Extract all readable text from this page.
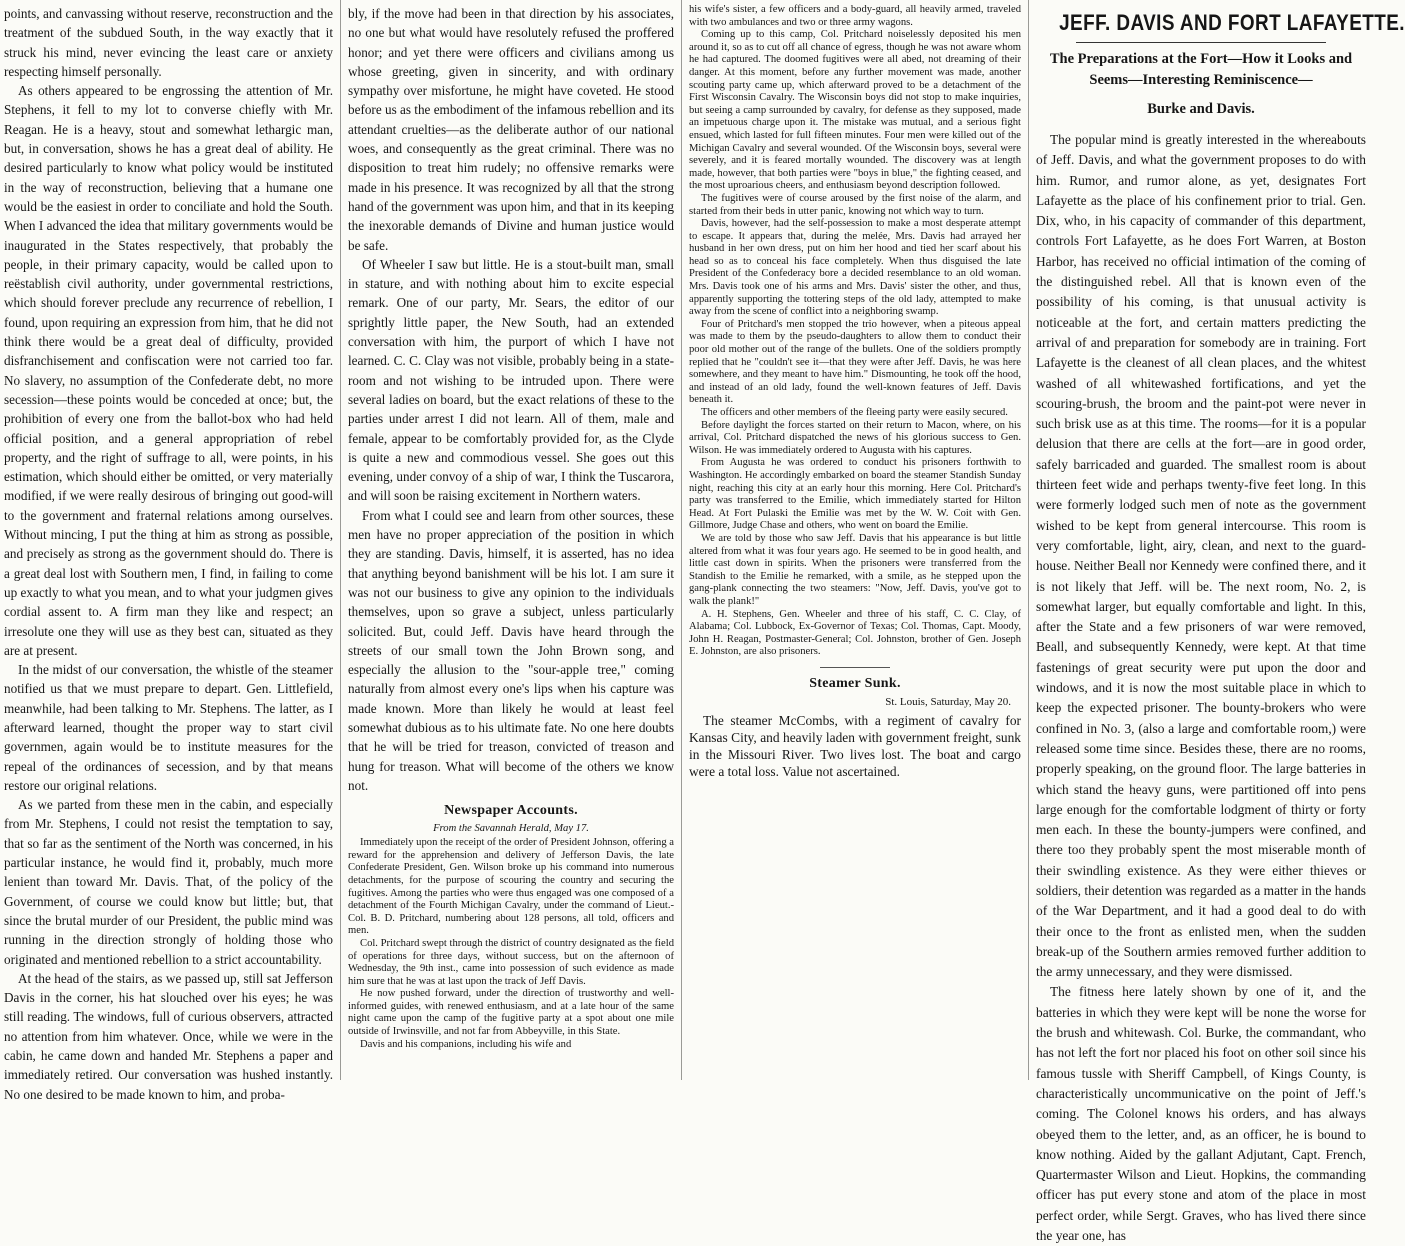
points, and canvassing without reserve, reconstruction and the treatment of the subdued South, in the way exactly that it struck his mind, never evincing the least care or anxiety respecting himself personally.

As others appeared to be engrossing the attention of Mr. Stephens, it fell to my lot to converse chiefly with Mr. Reagan. He is a heavy, stout and somewhat lethargic man, but, in conversation, shows he has a great deal of ability. He desired particularly to know what policy would be instituted in the way of reconstruction, believing that a humane one would be the easiest in order to conciliate and hold the South. When I advanced the idea that military governments would be inaugurated in the States respectively, that probably the people, in their primary capacity, would be called upon to reëstablish civil authority, under governmental restrictions, which should forever preclude any recurrence of rebellion, I found, upon requiring an expression from him, that he did not think there would be a great deal of difficulty, provided disfranchisement and confiscation were not carried too far. No slavery, no assumption of the Confederate debt, no more secession—these points would be conceded at once; but, the prohibition of every one from the ballot-box who had held official position, and a general appropriation of rebel property, and the right of suffrage to all, were points, in his estimation, which should either be omitted, or very materially modified, if we were really desirous of bringing out good-will to the government and fraternal relations among ourselves. Without mincing, I put the thing at him as strong as possible, and precisely as strong as the government should do. There is a great deal lost with Southern men, I find, in failing to come up exactly to what you mean, and to what your judgmen gives cordial assent to. A firm man they like and respect; an irresolute one they will use as they best can, situated as they are at present.

In the midst of our conversation, the whistle of the steamer notified us that we must prepare to depart. Gen. Littlefield, meanwhile, had been talking to Mr. Stephens. The latter, as I afterward learned, thought the proper way to start civil governmen, again would be to institute measures for the repeal of the ordinances of secession, and by that means restore our original relations.

As we parted from these men in the cabin, and especially from Mr. Stephens, I could not resist the temptation to say, that so far as the sentiment of the North was concerned, in his particular instance, he would find it, probably, much more lenient than toward Mr. Davis. That, of the policy of the Government, of course we could know but little; but, that since the brutal murder of our President, the public mind was running in the direction strongly of holding those who originated and mentioned rebellion to a strict accountability.

At the head of the stairs, as we passed up, still sat Jefferson Davis in the corner, his hat slouched over his eyes; he was still reading. The windows, full of curious observers, attracted no attention from him whatever. Once, while we were in the cabin, he came down and handed Mr. Stephens a paper and immediately retired. Our conversation was hushed instantly. No one desired to be made known to him, and proba-

bly, if the move had been in that direction by his associates, no one but what would have resolutely refused the proffered honor; and yet there were officers and civilians among us whose greeting, given in sincerity, and with ordinary sympathy over misfortune, he might have coveted. He stood before us as the embodiment of the infamous rebellion and its attendant cruelties—as the deliberate author of our national woes, and consequently as the great criminal. There was no disposition to treat him rudely; no offensive remarks were made in his presence. It was recognized by all that the strong hand of the government was upon him, and that in its keeping the inexorable demands of Divine and human justice would be safe.

Of Wheeler I saw but little. He is a stout-built man, small in stature, and with nothing about him to excite especial remark. One of our party, Mr. Sears, the editor of our sprightly little paper, the New South, had an extended conversation with him, the purport of which I have not learned. C. C. Clay was not visible, probably being in a state-room and not wishing to be intruded upon. There were several ladies on board, but the exact relations of these to the parties under arrest I did not learn. All of them, male and female, appear to be comfortably provided for, as the Clyde is quite a new and commodious vessel. She goes out this evening, under convoy of a ship of war, I think the Tuscarora, and will soon be raising excitement in Northern waters.

From what I could see and learn from other sources, these men have no proper appreciation of the position in which they are standing. Davis, himself, it is asserted, has no idea that anything beyond banishment will be his lot. I am sure it was not our business to give any opinion to the individuals themselves, upon so grave a subject, unless particularly solicited. But, could Jeff. Davis have heard through the streets of our small town the John Brown song, and especially the allusion to the "sour-apple tree," coming naturally from almost every one's lips when his capture was made known. More than likely he would at least feel somewhat dubious as to his ultimate fate. No one here doubts that he will be tried for treason, convicted of treason and hung for treason. What will become of the others we know not.

Newspaper Accounts.
From the Savannah Herald, May 17.

Immediately upon the receipt of the order of President Johnson, offering a reward for the apprehension and delivery of Jefferson Davis, the late Confederate President, Gen. Wilson broke up his command into numerous detachments, for the purpose of scouring the country and securing the fugitives. Among the parties who were thus engaged was one composed of a detachment of the Fourth Michigan Cavalry, under the command of Lieut.-Col. B. D. Pritchard, numbering about 128 persons, all told, officers and men.

Col. Pritchard swept through the district of country designated as the field of operations for three days, without success, but on the afternoon of Wednesday, the 9th inst., came into possession of such evidence as made him sure that he was at last upon the track of Jeff Davis.

He now pushed forward, under the direction of trustworthy and well-informed guides, with renewed enthusiasm, and at a late hour of the same night came upon the camp of the fugitive party at a spot about one mile outside of Irwinsville, and not far from Abbeyville, in this State.

Davis and his companions, including his wife and

his wife's sister, a few officers and a body-guard, all heavily armed, traveled with two ambulances and two or three army wagons.

Coming up to this camp, Col. Pritchard noiselessly deposited his men around it, so as to cut off all chance of egress, though he was not aware whom he had captured. The doomed fugitives were all abed, not dreaming of their danger. At this moment, before any further movement was made, another scouting party came up, which afterward proved to be a detachment of the First Wisconsin Cavalry. The Wisconsin boys did not stop to make inquiries, but seeing a camp surrounded by cavalry, for defense as they supposed, made an impetuous charge upon it. The mistake was mutual, and a serious fight ensued, which lasted for full fifteen minutes. Four men were killed out of the Michigan Cavalry and several wounded. Of the Wisconsin boys, several were severely, and it is feared mortally wounded. The discovery was at length made, however, that both parties were "boys in blue," the fighting ceased, and the most uproarious cheers, and enthusiasm beyond description followed.

The fugitives were of course aroused by the first noise of the alarm, and started from their beds in utter panic, knowing not which way to turn.

Davis, however, had the self-possession to make a most desperate attempt to escape. It appears that, during the melée, Mrs. Davis had arrayed her husband in her own dress, put on him her hood and tied her scarf about his head so as to conceal his face completely. When thus disguised the late President of the Confederacy bore a decided resemblance to an old woman. Mrs. Davis took one of his arms and Mrs. Davis' sister the other, and thus, apparently supporting the tottering steps of the old lady, attempted to make away from the scene of conflict into a neighboring swamp.

Four of Pritchard's men stopped the trio however, when a piteous appeal was made to them by the pseudo-daughters to allow them to conduct their poor old mother out of the range of the bullets. One of the soldiers promptly replied that he "couldn't see it—that they were after Jeff. Davis, he was here somewhere, and they meant to have him." Dismounting, he took off the hood, and instead of an old lady, found the well-known features of Jeff. Davis beneath it.

The officers and other members of the fleeing party were easily secured.

Before daylight the forces started on their return to Macon, where, on his arrival, Col. Pritchard dispatched the news of his glorious success to Gen. Wilson. He was immediately ordered to Augusta with his captures.

From Augusta he was ordered to conduct his prisoners forthwith to Washington. He accordingly embarked on board the steamer Standish Sunday night, reaching this city at an early hour this morning. Here Col. Pritchard's party was transferred to the Emilie, which immediately started for Hilton Head. At Fort Pulaski the Emilie was met by the W. W. Coit with Gen. Gillmore, Judge Chase and others, who went on board the Emilie.

We are told by those who saw Jeff. Davis that his appearance is but little altered from what it was four years ago. He seemed to be in good health, and little cast down in spirits. When the prisoners were transferred from the Standish to the Emilie he remarked, with a smile, as he stepped upon the gang-plank connecting the two steamers: "Now, Jeff. Davis, you've got to walk the plank!"

A. H. Stephens, Gen. Wheeler and three of his staff, C. C. Clay, of Alabama; Col. Lubbock, Ex-Governor of Texas; Col. Thomas, Capt. Moody, John H. Reagan, Postmaster-General; Col. Johnston, brother of Gen. Joseph E. Johnston, are also prisoners.

Steamer Sunk.
St. Louis, Saturday, May 20.

The steamer McCombs, with a regiment of cavalry for Kansas City, and heavily laden with government freight, sunk in the Missouri River. Two lives lost. The boat and cargo were a total loss. Value not ascertained.

JEFF. DAVIS AND FORT LAFAYETTE.
The Preparations at the Fort—How it Looks and Seems—Interesting Reminiscence—
Burke and Davis.

The popular mind is greatly interested in the whereabouts of Jeff. Davis, and what the government proposes to do with him. Rumor, and rumor alone, as yet, designates Fort Lafayette as the place of his confinement prior to trial. Gen. Dix, who, in his capacity of commander of this department, controls Fort Lafayette, as he does Fort Warren, at Boston Harbor, has received no official intimation of the coming of the distinguished rebel. All that is known even of the possibility of his coming, is that unusual activity is noticeable at the fort, and certain matters predicting the arrival of and preparation for somebody are in training. Fort Lafayette is the cleanest of all clean places, and the whitest washed of all whitewashed fortifications, and yet the scouring-brush, the broom and the paint-pot were never in such brisk use as at this time. The rooms—for it is a popular delusion that there are cells at the fort—are in good order, safely barricaded and guarded. The smallest room is about thirteen feet wide and perhaps twenty-five feet long. In this were formerly lodged such men of note as the government wished to be kept from general intercourse. This room is very comfortable, light, airy, clean, and next to the guard-house. Neither Beall nor Kennedy were confined there, and it is not likely that Jeff. will be. The next room, No. 2, is somewhat larger, but equally comfortable and light. In this, after the State and a few prisoners of war were removed, Beall, and subsequently Kennedy, were kept. At that time fastenings of great security were put upon the door and windows, and it is now the most suitable place in which to keep the expected prisoner. The bounty-brokers who were confined in No. 3, (also a large and comfortable room,) were released some time since. Besides these, there are no rooms, properly speaking, on the ground floor. The large batteries in which stand the heavy guns, were partitioned off into pens large enough for the comfortable lodgment of thirty or forty men each. In these the bounty-jumpers were confined, and there too they probably spent the most miserable month of their swindling existence. As they were either thieves or soldiers, their detention was regarded as a matter in the hands of the War Department, and it had a good deal to do with their once to the front as enlisted men, when the sudden break-up of the Southern armies removed further addition to the army unnecessary, and they were dismissed.

The fitness here lately shown by one of it, and the batteries in which they were kept will be none the worse for the brush and whitewash. Col. Burke, the commandant, who has not left the fort nor placed his foot on other soil since his famous tussle with Sheriff Campbell, of Kings County, is characteristically uncommunicative on the point of Jeff.'s coming. The Colonel knows his orders, and has always obeyed them to the letter, and, as an officer, he is bound to know nothing. Aided by the gallant Adjutant, Capt. French, Quartermaster Wilson and Lieut. Hopkins, the commanding officer has put every stone and atom of the place in most perfect order, while Sergt. Graves, who has lived there since the year one, has
